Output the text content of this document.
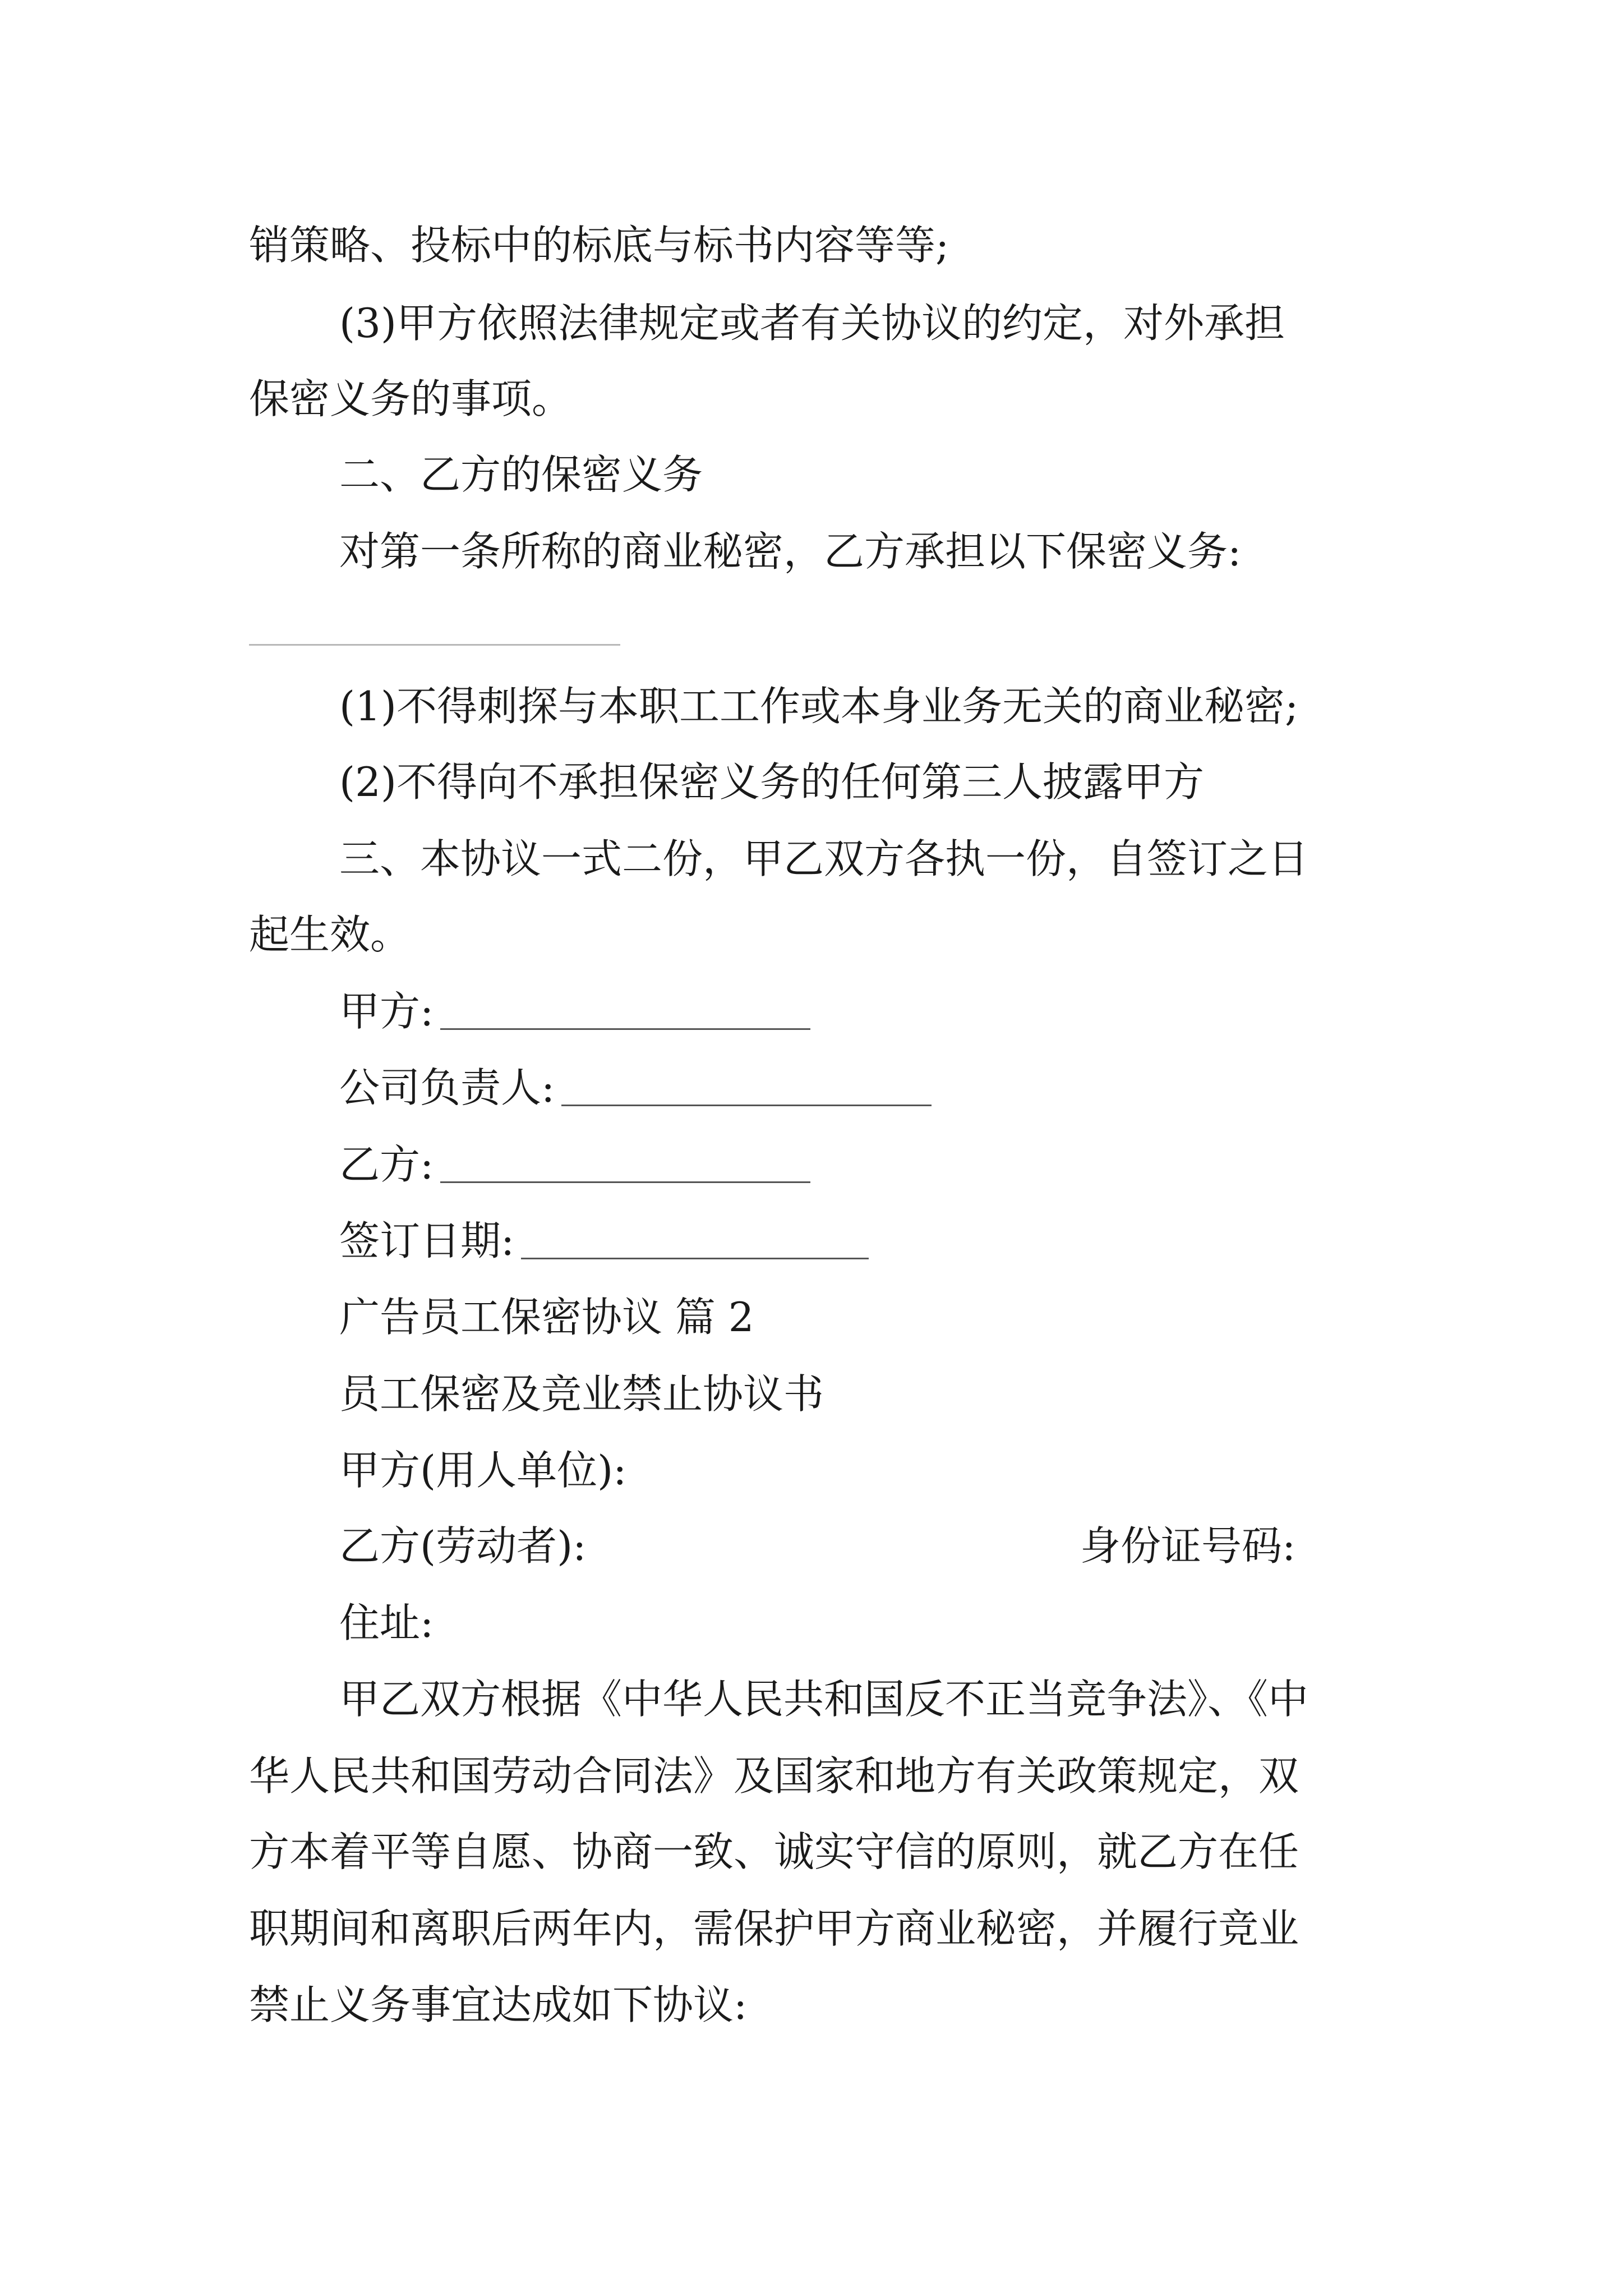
销策略、投标中的标底与标书内容等等;
(3)甲方依照法律规定或者有关协议的约定，对外承担
保密义务的事项。
二、乙方的保密义务
对第一条所称的商业秘密，乙方承担以下保密义务:
(1)不得刺探与本职工工作或本身业务无关的商业秘密;
(2)不得向不承担保密义务的任何第三人披露甲方
三、本协议一式二份，甲乙双方各执一份，自签订之日
起生效。
甲方:
公司负责人:
乙方:
签订日期:
广告员工保密协议 篇 2
员工保密及竞业禁止协议书
甲方(用人单位):
乙方(劳动者):	身份证号码:
住址:
甲乙双方根据《中华人民共和国反不正当竞争法》、《中
华人民共和国劳动合同法》及国家和地方有关政策规定，双
方本着平等自愿、协商一致、诚实守信的原则，就乙方在任
职期间和离职后两年内，需保护甲方商业秘密，并履行竞业
禁止义务事宜达成如下协议:
